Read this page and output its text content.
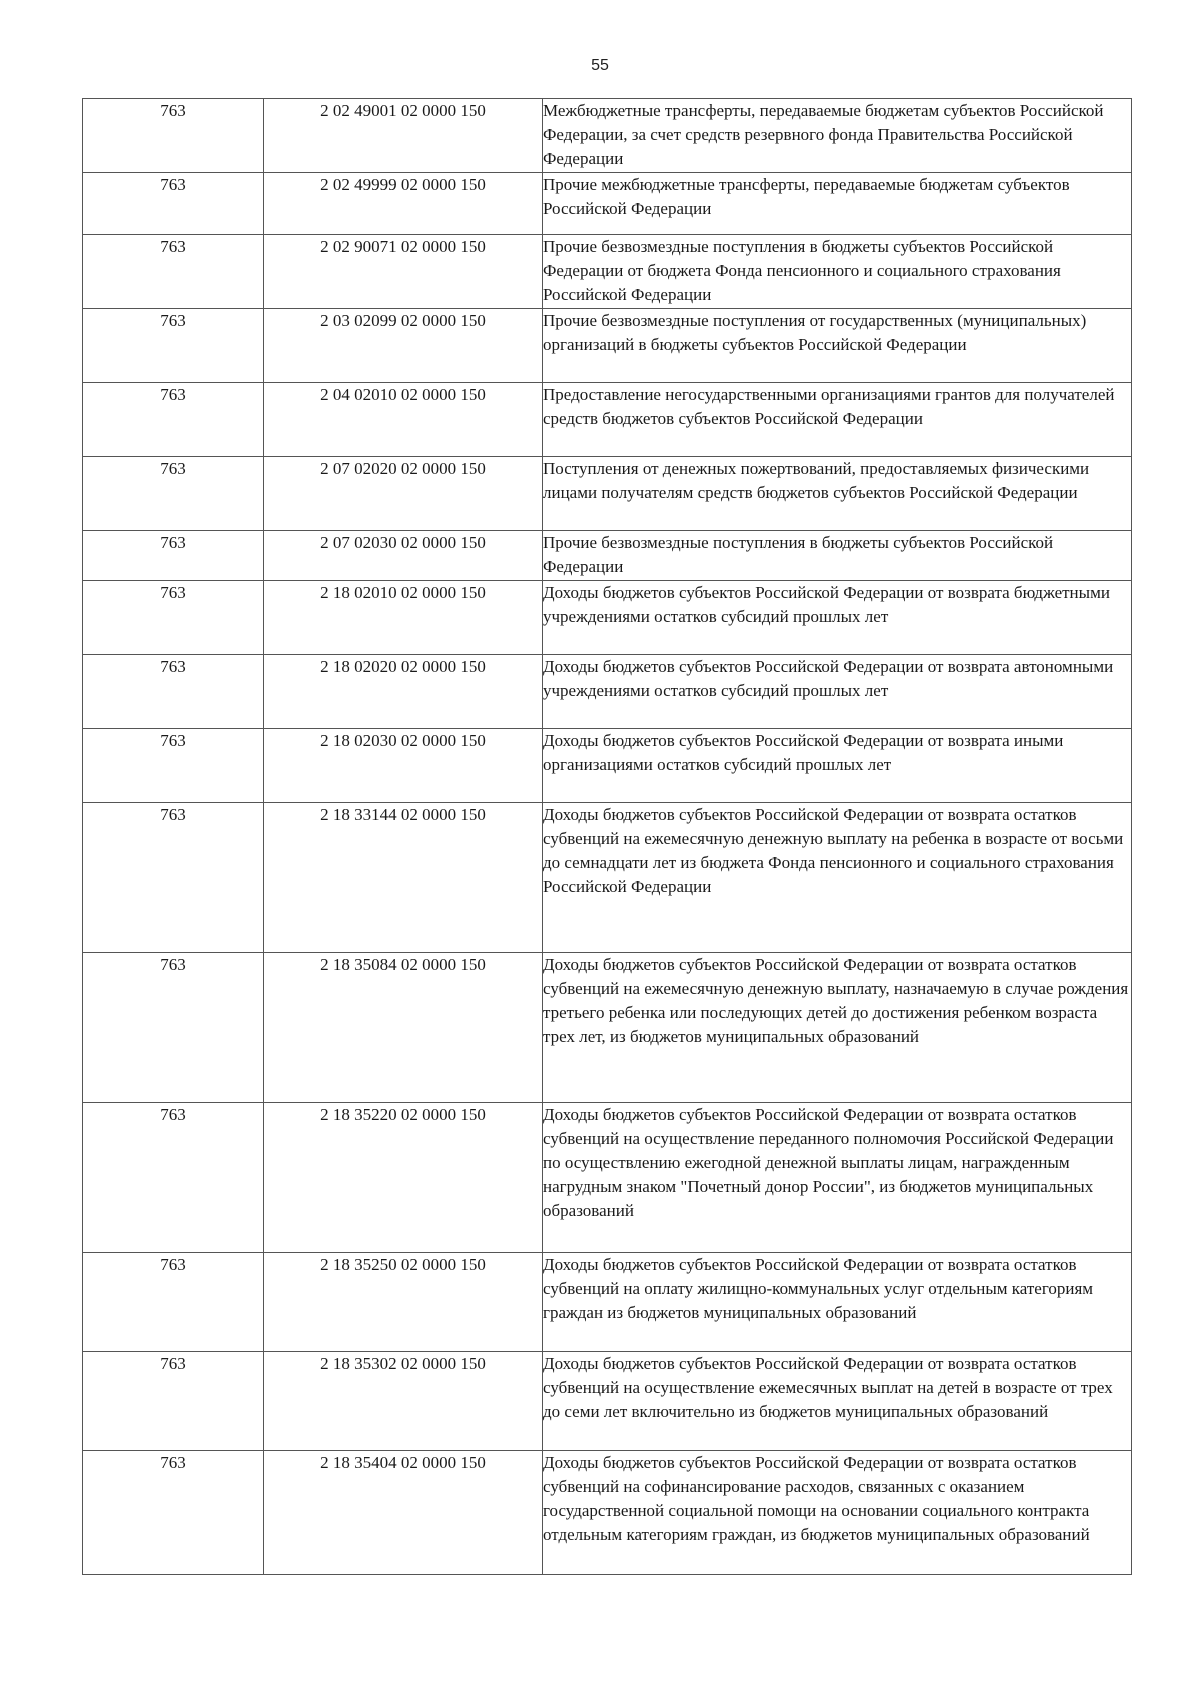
55
763	2 02 49001 02 0000 150	Межбюджетные трансферты, передаваемые бюджетам субъектов Российской Федерации, за счет средств резервного фонда Правительства Российской Федерации
763	2 02 49999 02 0000 150	Прочие межбюджетные трансферты, передаваемые бюджетам субъектов Российской Федерации
763	2 02 90071 02 0000 150	Прочие безвозмездные поступления в бюджеты субъектов Российской Федерации от бюджета Фонда пенсионного и социального страхования Российской Федерации
763	2 03 02099 02 0000 150	Прочие безвозмездные поступления от государственных (муниципальных) организаций в бюджеты субъектов Российской Федерации
763	2 04 02010 02 0000 150	Предоставление негосударственными организациями грантов для получателей средств бюджетов субъектов Российской Федерации
763	2 07 02020 02 0000 150	Поступления от денежных пожертвований, предоставляемых физическими лицами получателям средств бюджетов субъектов Российской Федерации
763	2 07 02030 02 0000 150	Прочие безвозмездные поступления в бюджеты субъектов Российской Федерации
763	2 18 02010 02 0000 150	Доходы бюджетов субъектов Российской Федерации от возврата бюджетными учреждениями остатков субсидий прошлых лет
763	2 18 02020 02 0000 150	Доходы бюджетов субъектов Российской Федерации от возврата автономными учреждениями остатков субсидий прошлых лет
763	2 18 02030 02 0000 150	Доходы бюджетов субъектов Российской Федерации от возврата иными организациями остатков субсидий прошлых лет
763	2 18 33144 02 0000 150	Доходы бюджетов субъектов Российской Федерации от возврата остатков субвенций на ежемесячную денежную выплату на ребенка в возрасте от восьми до семнадцати лет из бюджета Фонда пенсионного и социального страхования Российской Федерации
763	2 18 35084 02 0000 150	Доходы бюджетов субъектов Российской Федерации от возврата остатков субвенций на ежемесячную денежную выплату, назначаемую в случае рождения третьего ребенка или последующих детей до достижения ребенком возраста трех лет, из бюджетов муниципальных образований
763	2 18 35220 02 0000 150	Доходы бюджетов субъектов Российской Федерации от возврата остатков субвенций на осуществление переданного полномочия Российской Федерации по осуществлению ежегодной денежной выплаты лицам, награжденным нагрудным знаком "Почетный донор России", из бюджетов муниципальных образований
763	2 18 35250 02 0000 150	Доходы бюджетов субъектов Российской Федерации от возврата остатков субвенций на оплату жилищно-коммунальных услуг отдельным категориям граждан из бюджетов муниципальных образований
763	2 18 35302 02 0000 150	Доходы бюджетов субъектов Российской Федерации от возврата остатков субвенций на осуществление ежемесячных выплат на детей в возрасте от трех до семи лет включительно из бюджетов муниципальных образований
763	2 18 35404 02 0000 150	Доходы бюджетов субъектов Российской Федерации от возврата остатков субвенций на софинансирование расходов, связанных с оказанием государственной социальной помощи на основании социального контракта отдельным категориям граждан, из бюджетов муниципальных образований
